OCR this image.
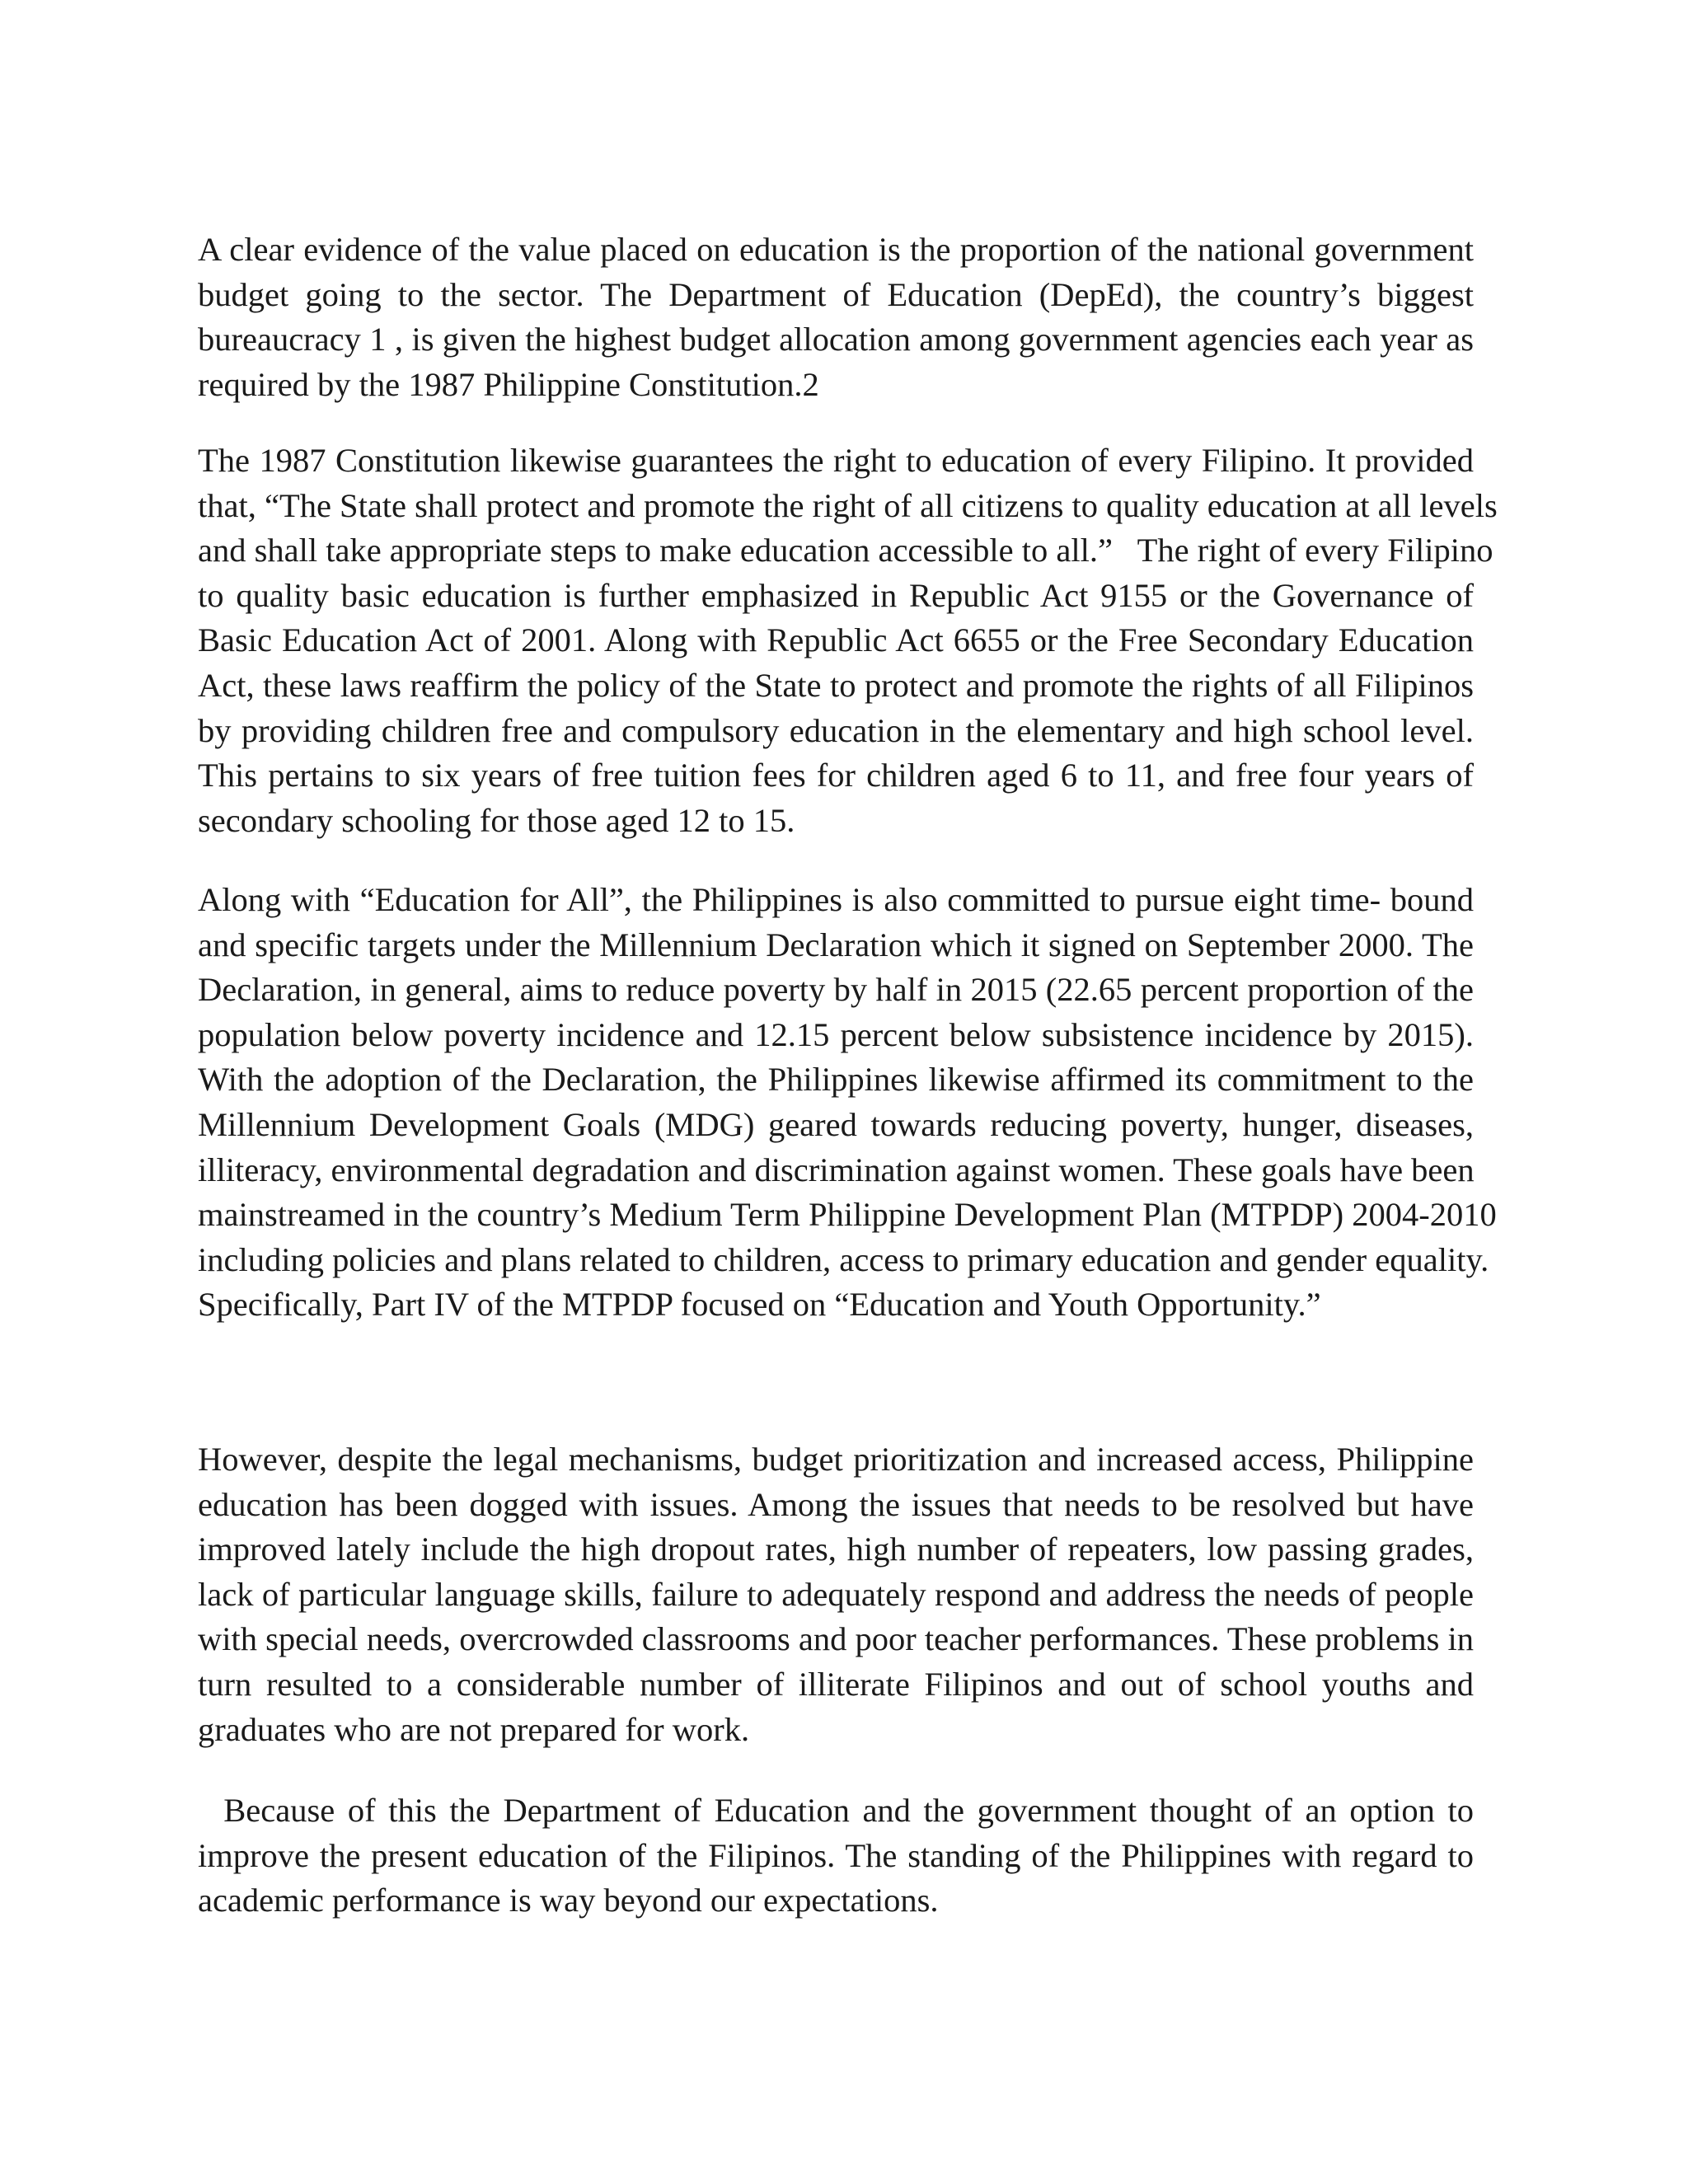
A clear evidence of the value placed on education is the proportion of the national government
budget going to the sector. The Department of Education (DepEd), the country’s biggest
bureaucracy 1 , is given the highest budget allocation among government agencies each year as
required by the 1987 Philippine Constitution.2

The 1987 Constitution likewise guarantees the right to education of every Filipino. It provided
that, “The State shall protect and promote the right of all citizens to quality education at all levels
and shall take appropriate steps to make education accessible to all.”   The right of every Filipino
to quality basic education is further emphasized in Republic Act 9155 or the Governance of
Basic Education Act of 2001. Along with Republic Act 6655 or the Free Secondary Education
Act, these laws reaffirm the policy of the State to protect and promote the rights of all Filipinos
by providing children free and compulsory education in the elementary and high school level.
This pertains to six years of free tuition fees for children aged 6 to 11, and free four years of
secondary schooling for those aged 12 to 15.

Along with “Education for All”, the Philippines is also committed to pursue eight time- bound
and specific targets under the Millennium Declaration which it signed on September 2000. The
Declaration, in general, aims to reduce poverty by half in 2015 (22.65 percent proportion of the
population below poverty incidence and 12.15 percent below subsistence incidence by 2015).
With the adoption of the Declaration, the Philippines likewise affirmed its commitment to the
Millennium Development Goals (MDG) geared towards reducing poverty, hunger, diseases,
illiteracy, environmental degradation and discrimination against women. These goals have been
mainstreamed in the country’s Medium Term Philippine Development Plan (MTPDP) 2004-2010
including policies and plans related to children, access to primary education and gender equality.
Specifically, Part IV of the MTPDP focused on “Education and Youth Opportunity.”

However, despite the legal mechanisms, budget prioritization and increased access, Philippine
education has been dogged with issues. Among the issues that needs to be resolved but have
improved lately include the high dropout rates, high number of repeaters, low passing grades,
lack of particular language skills, failure to adequately respond and address the needs of people
with special needs, overcrowded classrooms and poor teacher performances. These problems in
turn resulted to a considerable number of illiterate Filipinos and out of school youths and
graduates who are not prepared for work.

Because of this the Department of Education and the government thought of an option to
improve the present education of the Filipinos. The standing of the Philippines with regard to
academic performance is way beyond our expectations.
